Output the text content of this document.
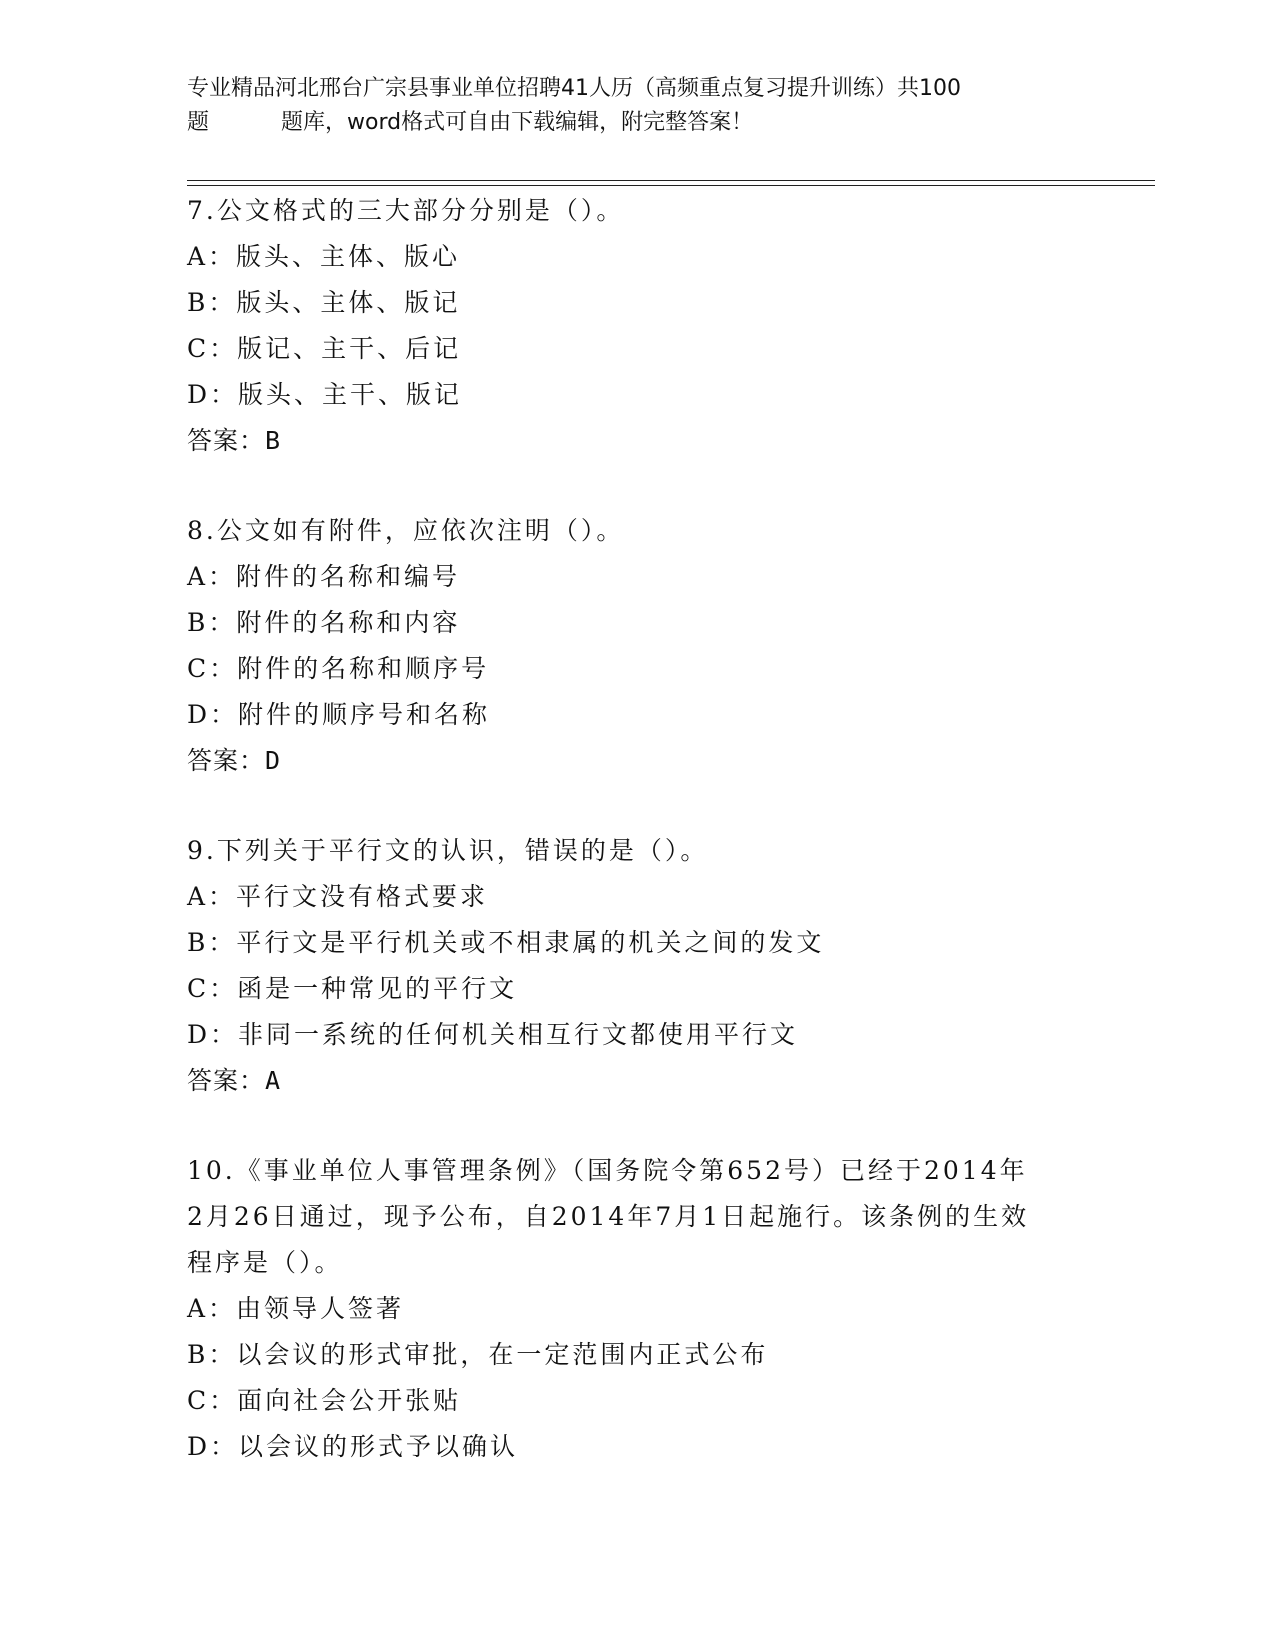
专业精品河北邢台广宗县事业单位招聘41人历（高频重点复习提升训练）共100
题	题库，word格式可自由下载编辑，附完整答案！
7.公文格式的三大部分分别是（）。
A：版头、主体、版心
B：版头、主体、版记
C：版记、主干、后记
D：版头、主干、版记
答案：B
8.公文如有附件，应依次注明（）。
A：附件的名称和编号
B：附件的名称和内容
C：附件的名称和顺序号
D：附件的顺序号和名称
答案：D
9.下列关于平行文的认识，错误的是（）。
A：平行文没有格式要求
B：平行文是平行机关或不相隶属的机关之间的发文
C：函是一种常见的平行文
D：非同一系统的任何机关相互行文都使用平行文
答案：A
10.《事业单位人事管理条例》（国务院令第652号）已经于2014年
2月26日通过，现予公布，自2014年7月1日起施行。该条例的生效
程序是（）。
A：由领导人签著
B：以会议的形式审批，在一定范围内正式公布
C：面向社会公开张贴
D：以会议的形式予以确认
